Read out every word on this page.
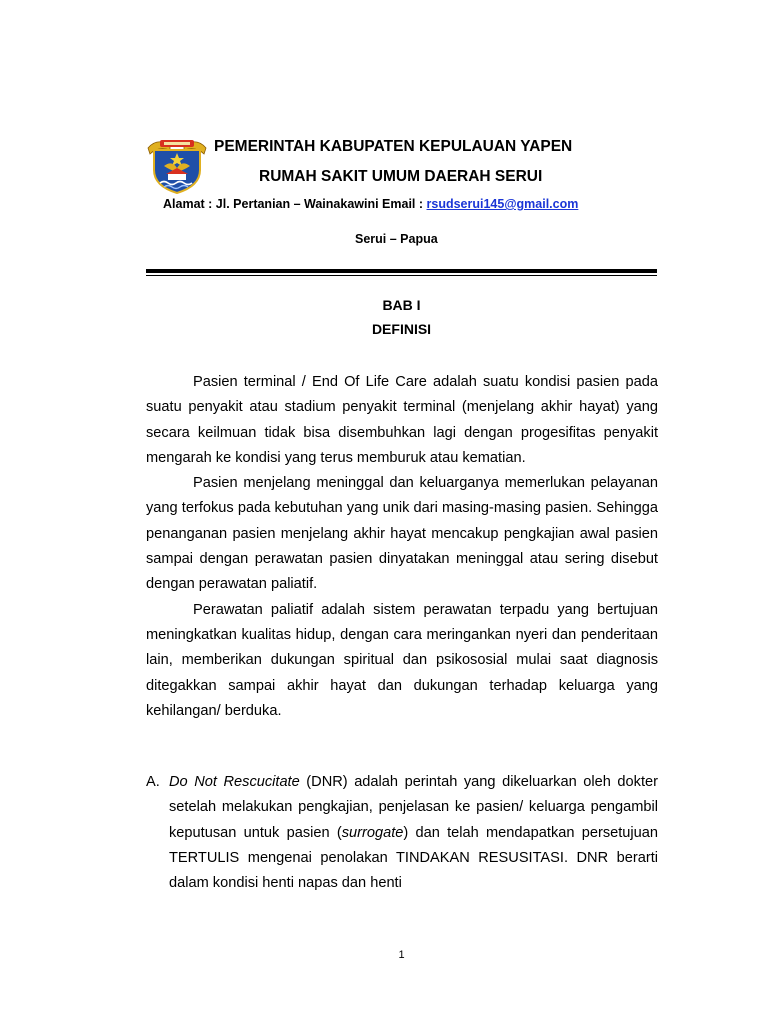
PEMERINTAH KABUPATEN KEPULAUAN YAPEN
RUMAH SAKIT UMUM DAERAH SERUI
Alamat : Jl. Pertanian – Wainakawini Email : rsudserui145@gmail.com
Serui – Papua
BAB I
DEFINISI

Pasien terminal / End Of Life Care adalah suatu kondisi pasien pada suatu penyakit atau stadium penyakit terminal (menjelang akhir hayat) yang secara keilmuan tidak bisa disembuhkan lagi dengan progesifitas penyakit mengarah ke kondisi yang terus memburuk atau kematian.

Pasien menjelang meninggal dan keluarganya memerlukan pelayanan yang terfokus pada kebutuhan yang unik dari masing-masing pasien. Sehingga penanganan pasien menjelang akhir hayat mencakup pengkajian awal pasien sampai dengan perawatan pasien dinyatakan meninggal atau sering disebut dengan perawatan paliatif.

Perawatan paliatif adalah sistem perawatan terpadu yang bertujuan meningkatkan kualitas hidup, dengan cara meringankan nyeri dan penderitaan lain, memberikan dukungan spiritual dan psikososial mulai saat diagnosis ditegakkan sampai akhir hayat dan dukungan terhadap keluarga yang kehilangan/ berduka.

A. Do Not Rescucitate (DNR) adalah perintah yang dikeluarkan oleh dokter setelah melakukan pengkajian, penjelasan ke pasien/ keluarga pengambil keputusan untuk pasien (surrogate) dan telah mendapatkan persetujuan TERTULIS mengenai penolakan TINDAKAN RESUSITASI. DNR berarti dalam kondisi henti napas dan henti
1
